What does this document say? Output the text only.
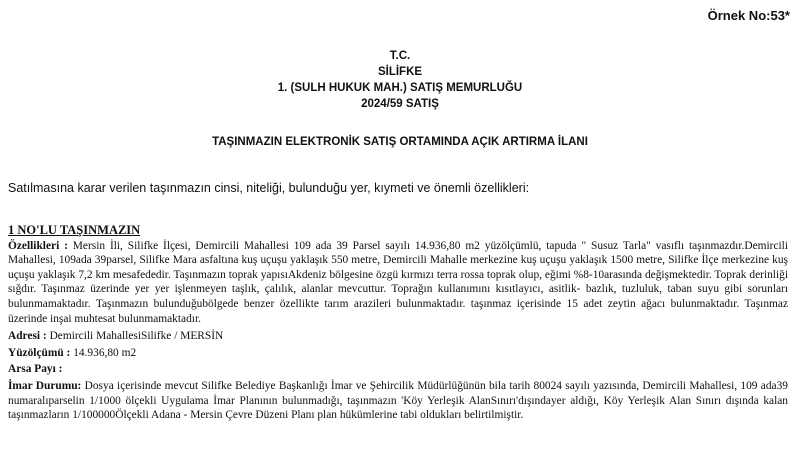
Örnek No:53*
T.C.
SİLİFKE
1. (SULH HUKUK MAH.) SATIŞ MEMURLUĞU
2024/59 SATIŞ
TAŞINMAZIN ELEKTRONİK SATIŞ ORTAMINDA AÇIK ARTIRMA İLANI
Satılmasına karar verilen taşınmazın cinsi, niteliği, bulunduğu yer, kıymeti ve önemli özellikleri:
1 NO'LU TAŞINMAZIN

Özellikleri : Mersin İli, Silifke İlçesi, Demircili Mahallesi 109 ada 39 Parsel sayılı 14.936,80 m2 yüzölçümlü, tapuda " Susuz Tarla" vasıflı taşınmazdır.Demircili Mahallesi, 109ada 39parsel, Silifke Mara asfaltına kuş uçuşu yaklaşık 550 metre, Demircili Mahalle merkezine kuş uçuşu yaklaşık 1500 metre, Silifke İlçe merkezine kuş uçuşu yaklaşık 7,2 km mesafededir. Taşınmazın toprak yapısıAkdeniz bölgesine özgü kırmızı terra rossa toprak olup, eğimi %8-10arasında değişmektedir. Toprak derinliği sığdır. Taşınmaz üzerinde yer yer işlenmeyen taşlık, çalılık, alanlar mevcuttur. Toprağın kullanımını kısıtlayıcı, asitlik- bazlık, tuzluluk, taban suyu gibi sorunları bulunmamaktadır. Taşınmazın bulunduğubölgede benzer özellikte tarım arazileri bulunmaktadır. taşınmaz içerisinde 15 adet zeytin ağacı bulunmaktadır. Taşınmaz üzerinde inşai muhtesat bulunmamaktadır.

Adresi : Demircili MahallesiSilifke / MERSİN
Yüzölçümü : 14.936,80 m2
Arsa Payı :

İmar Durumu: Dosya içerisinde mevcut Silifke Belediye Başkanlığı İmar ve Şehircilik Müdürlüğünün bila tarih 80024 sayılı yazısında, Demircili Mahallesi, 109 ada39 numaralıparselin 1/1000 ölçekli Uygulama İmar Planının bulunmadığı, taşınmazın 'Köy Yerleşik AlanSınırı'dışındayer aldığı, Köy Yerleşik Alan Sınırı dışında kalan taşınmazların 1/100000Ölçekli Adana - Mersin Çevre Düzeni Planı plan hükümlerine tabi oldukları belirtilmiştir.
